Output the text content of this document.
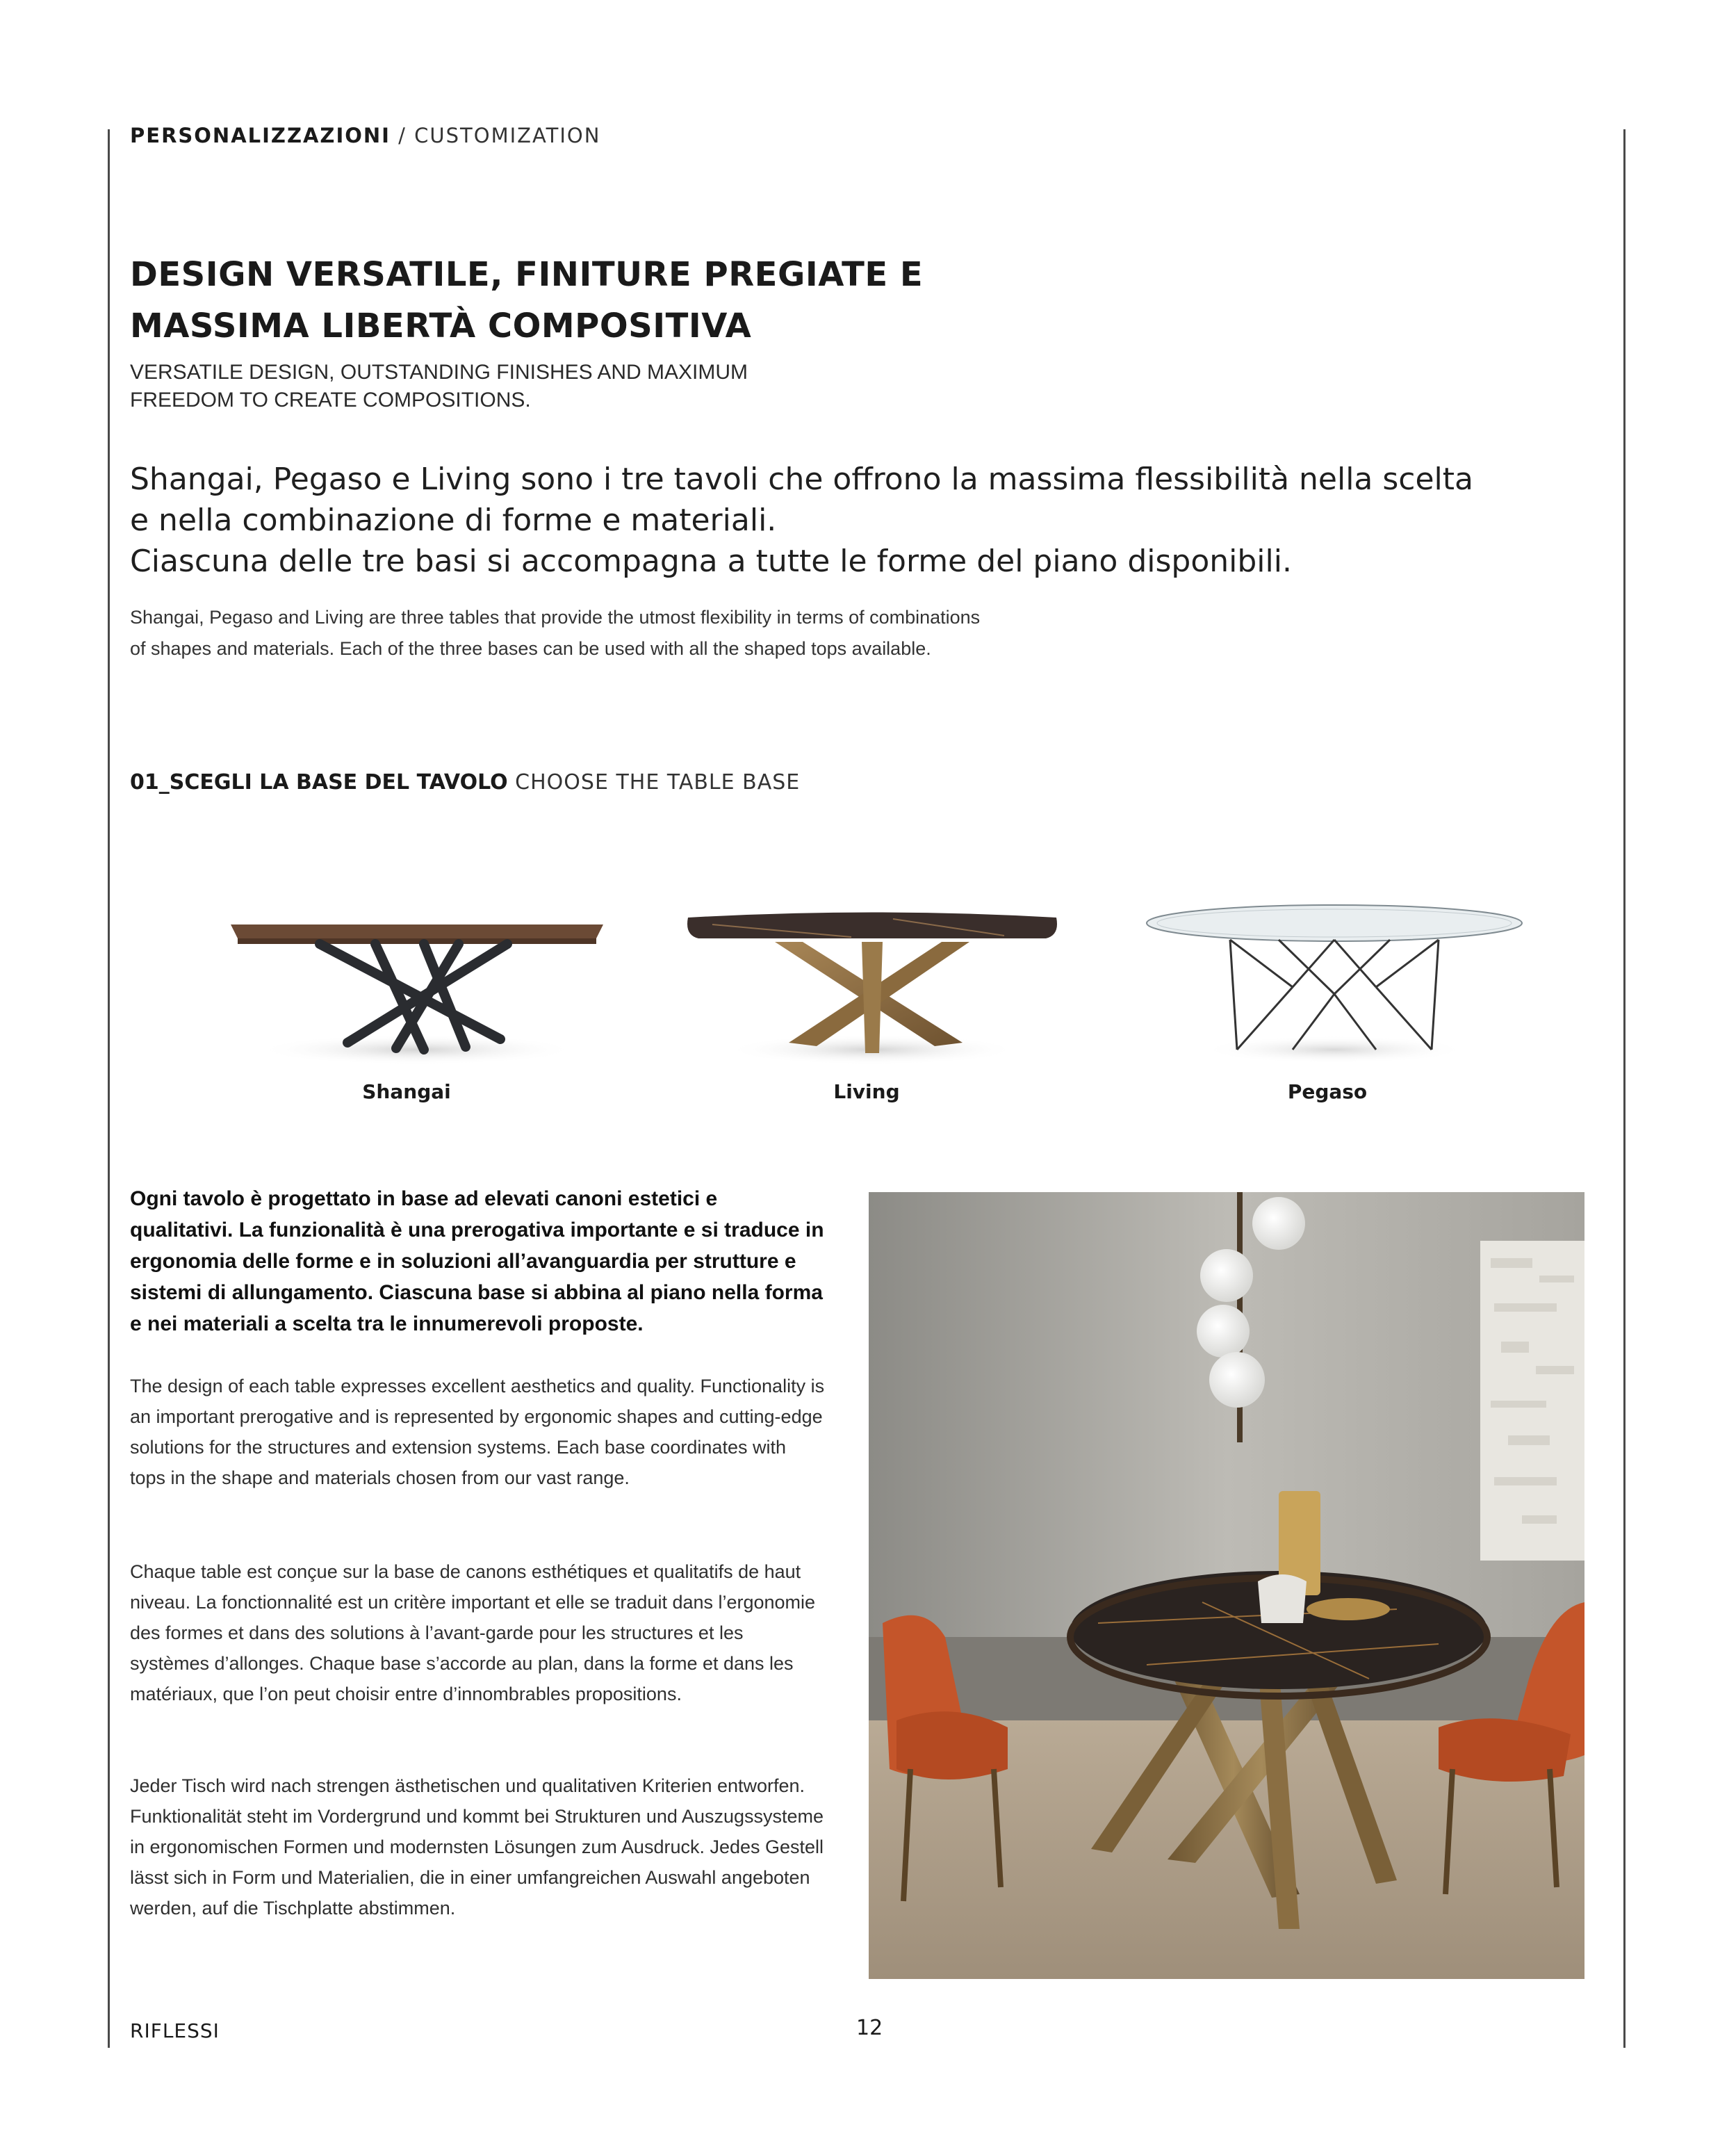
PERSONALIZZAZIONI / CUSTOMIZATION
DESIGN VERSATILE, FINITURE PREGIATE E
MASSIMA LIBERTÀ COMPOSITIVA
VERSATILE DESIGN, OUTSTANDING FINISHES AND MAXIMUM
FREEDOM TO CREATE COMPOSITIONS.
Shangai, Pegaso e Living sono i tre tavoli che offrono la massima flessibilità nella scelta
e nella combinazione di forme e materiali.
Ciascuna delle tre basi si accompagna a tutte le forme del piano disponibili.
Shangai, Pegaso and Living are three tables that provide the utmost flexibility in terms of combinations
of shapes and materials. Each of the three bases can be used with all the shaped tops available.
01_SCEGLI LA BASE DEL TAVOLO CHOOSE THE TABLE BASE
Shangai	Living	Pegaso
Ogni tavolo è progettato in base ad elevati canoni estetici e qualitativi. La funzionalità è una prerogativa importante e si traduce in ergonomia delle forme e in soluzioni all’avanguardia per strutture e sistemi di allungamento. Ciascuna base si abbina al piano nella forma e nei materiali a scelta tra le innumerevoli proposte.
The design of each table expresses excellent aesthetics and quality. Functionality is an important prerogative and is represented by ergonomic shapes and cutting-edge solutions for the structures and extension systems. Each base coordinates with tops in the shape and materials chosen from our vast range.
Chaque table est conçue sur la base de canons esthétiques et qualitatifs de haut niveau. La fonctionnalité est un critère important et elle se traduit dans l’ergonomie des formes et dans des solutions à l’avant-garde pour les structures et les systèmes d’allonges. Chaque base s’accorde au plan, dans la forme et dans les matériaux, que l’on peut choisir entre d’innombrables propositions.
Jeder Tisch wird nach strengen ästhetischen und qualitativen Kriterien entworfen. Funktionalität steht im Vordergrund und kommt bei Strukturen und Auszugssysteme in ergonomischen Formen und modernsten Lösungen zum Ausdruck. Jedes Gestell lässt sich in Form und Materialien, die in einer umfangreichen Auswahl angeboten werden, auf die Tischplatte abstimmen.
RIFLESSI	12
